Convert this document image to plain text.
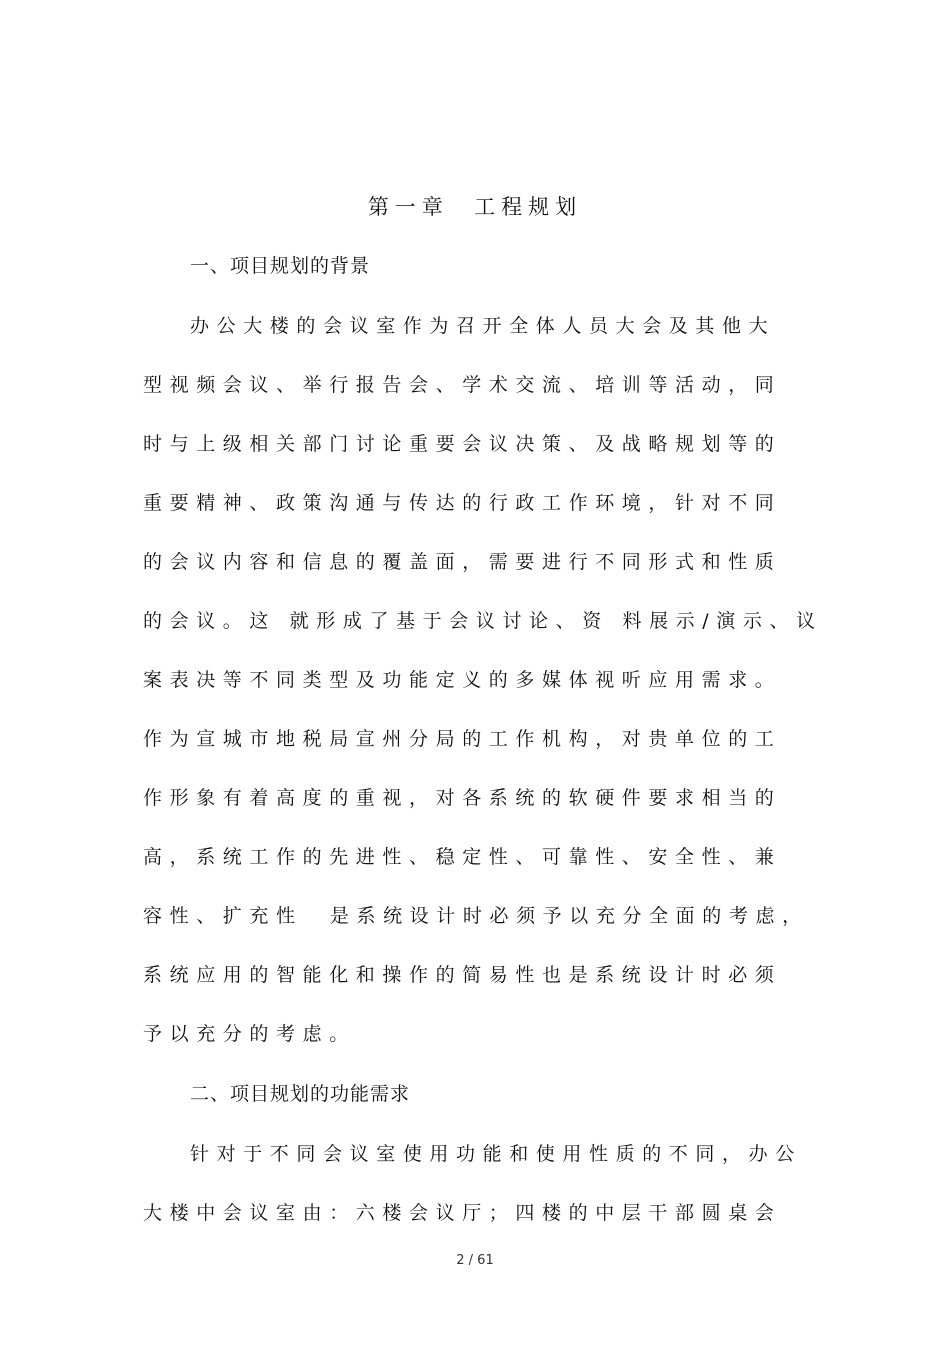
第一章  工程规划
一、项目规划的背景
办公大楼的会议室作为召开全体人员大会及其他大
型视频会议、举行报告会、学术交流、培训等活动，同
时与上级相关部门讨论重要会议决策、及战略规划等的
重要精神、政策沟通与传达的行政工作环境，针对不同
的会议内容和信息的覆盖面，需要进行不同形式和性质
的会议。这 就形成了基于会议讨论、资 料展示/演示、议
案表决等不同类型及功能定义的多媒体视听应用需求。
作为宣城市地税局宣州分局的工作机构，对贵单位的工
作形象有着高度的重视，对各系统的软硬件要求相当的
高，系统工作的先进性、稳定性、可靠性、安全性、兼
容性、扩充性  是系统设计时必须予以充分全面的考虑，
系统应用的智能化和操作的简易性也是系统设计时必须
予以充分的考虑。
二、项目规划的功能需求
针对于不同会议室使用功能和使用性质的不同，办公
大楼中会议室由：六楼会议厅；四楼的中层干部圆桌会
2 / 61
